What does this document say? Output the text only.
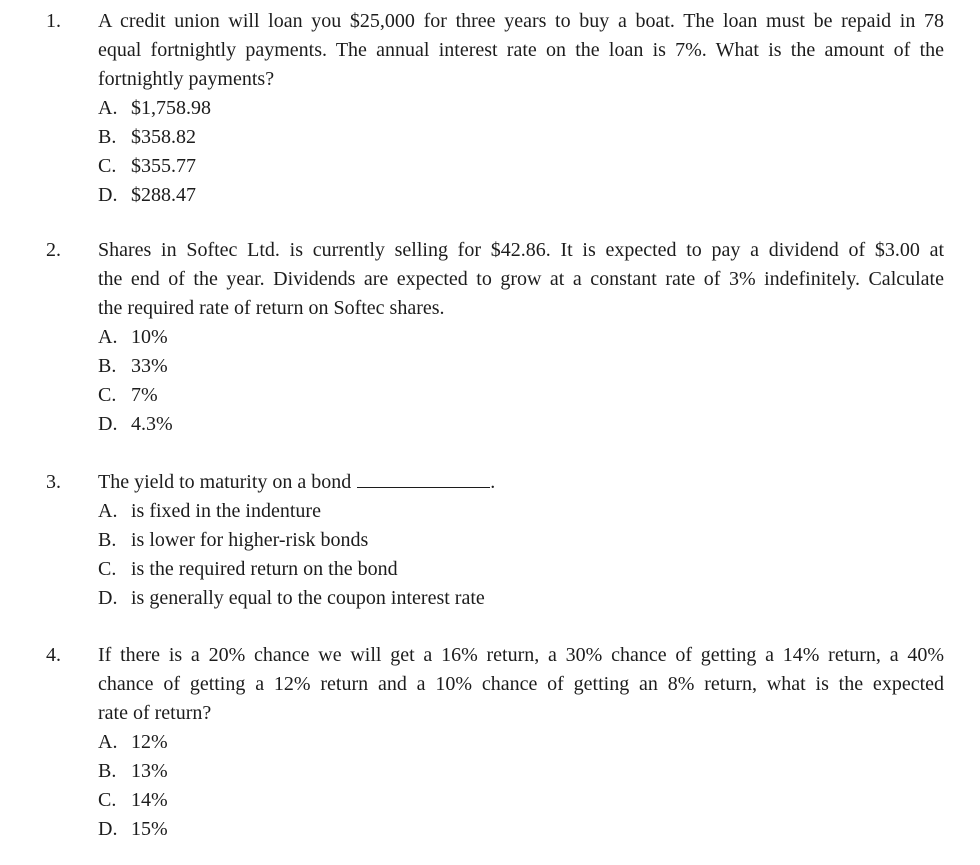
1. A credit union will loan you $25,000 for three years to buy a boat. The loan must be repaid in 78
equal fortnightly payments. The annual interest rate on the loan is 7%. What is the amount of the
fortnightly payments?
A. $1,758.98
B. $358.82
C. $355.77
D. $288.47
2. Shares in Softec Ltd. is currently selling for $42.86. It is expected to pay a dividend of $3.00 at
the end of the year. Dividends are expected to grow at a constant rate of 3% indefinitely. Calculate
the required rate of return on Softec shares.
A. 10%
B. 33%
C. 7%
D. 4.3%
3. The yield to maturity on a bond	.
A. is fixed in the indenture
B. is lower for higher-risk bonds
C. is the required return on the bond
D. is generally equal to the coupon interest rate
4. If there is a 20% chance we will get a 16% return, a 30% chance of getting a 14% return, a 40%
chance of getting a 12% return and a 10% chance of getting an 8% return, what is the expected
rate of return?
A. 12%
B. 13%
C. 14%
D. 15%
